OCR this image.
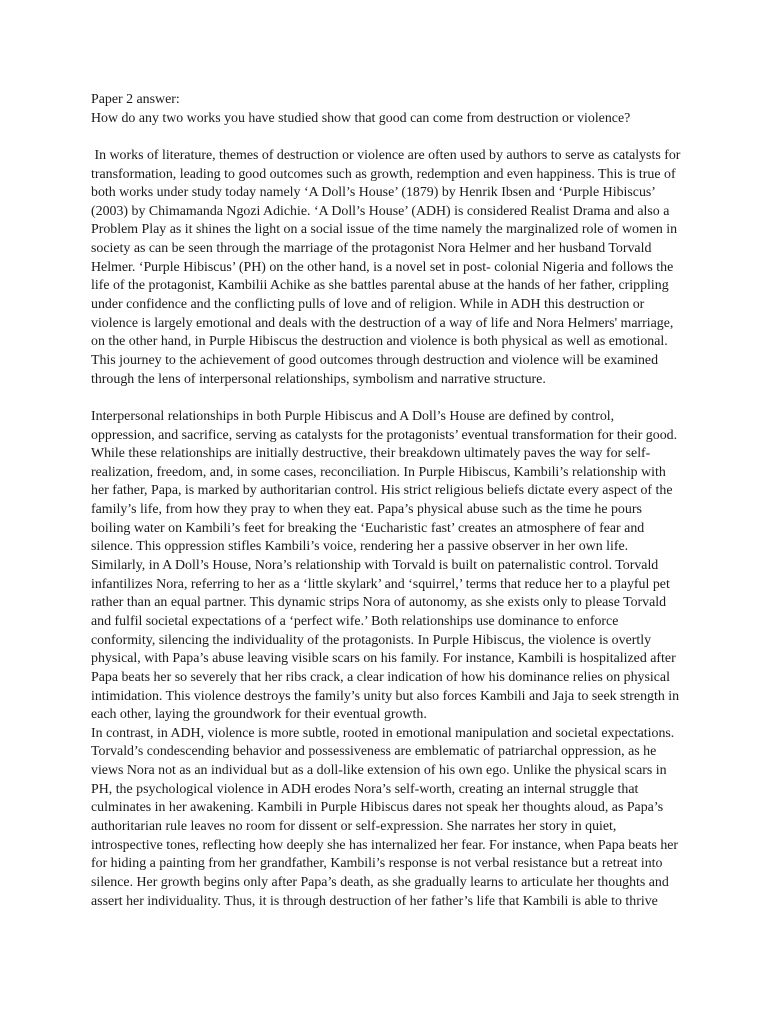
Paper 2 answer:
How do any two works you have studied show that good can come from destruction or violence?
In works of literature, themes of destruction or violence are often used by authors to serve as catalysts for
transformation, leading to good outcomes such as growth, redemption and even happiness. This is true of
both works under study today namely ‘A Doll’s House’ (1879) by Henrik Ibsen and ‘Purple Hibiscus’
(2003) by Chimamanda Ngozi Adichie. ‘A Doll’s House’ (ADH) is considered Realist Drama and also a
Problem Play as it shines the light on a social issue of the time namely the marginalized role of women in
society as can be seen through the marriage of the protagonist Nora Helmer and her husband Torvald
Helmer. ‘Purple Hibiscus’ (PH) on the other hand, is a novel set in post- colonial Nigeria and follows the
life of the protagonist, Kambilii Achike as she battles parental abuse at the hands of her father, crippling
under confidence and the conflicting pulls of love and of religion. While in ADH this destruction or
violence is largely emotional and deals with the destruction of a way of life and Nora Helmers' marriage,
on the other hand, in Purple Hibiscus the destruction and violence is both physical as well as emotional.
This journey to the achievement of good outcomes through destruction and violence will be examined
through the lens of interpersonal relationships, symbolism and narrative structure.
Interpersonal relationships in both Purple Hibiscus and A Doll’s House are defined by control,
oppression, and sacrifice, serving as catalysts for the protagonists’ eventual transformation for their good.
While these relationships are initially destructive, their breakdown ultimately paves the way for self-
realization, freedom, and, in some cases, reconciliation. In Purple Hibiscus, Kambili’s relationship with
her father, Papa, is marked by authoritarian control. His strict religious beliefs dictate every aspect of the
family’s life, from how they pray to when they eat. Papa’s physical abuse such as the time he pours
boiling water on Kambili’s feet for breaking the ‘Eucharistic fast’ creates an atmosphere of fear and
silence. This oppression stifles Kambili’s voice, rendering her a passive observer in her own life.
Similarly, in A Doll’s House, Nora’s relationship with Torvald is built on paternalistic control. Torvald
infantilizes Nora, referring to her as a ‘little skylark’ and ‘squirrel,’ terms that reduce her to a playful pet
rather than an equal partner. This dynamic strips Nora of autonomy, as she exists only to please Torvald
and fulfil societal expectations of a ‘perfect wife.’ Both relationships use dominance to enforce
conformity, silencing the individuality of the protagonists. In Purple Hibiscus, the violence is overtly
physical, with Papa’s abuse leaving visible scars on his family. For instance, Kambili is hospitalized after
Papa beats her so severely that her ribs crack, a clear indication of how his dominance relies on physical
intimidation. This violence destroys the family’s unity but also forces Kambili and Jaja to seek strength in
each other, laying the groundwork for their eventual growth.
In contrast, in ADH, violence is more subtle, rooted in emotional manipulation and societal expectations.
Torvald’s condescending behavior and possessiveness are emblematic of patriarchal oppression, as he
views Nora not as an individual but as a doll-like extension of his own ego. Unlike the physical scars in
PH, the psychological violence in ADH erodes Nora’s self-worth, creating an internal struggle that
culminates in her awakening. Kambili in Purple Hibiscus dares not speak her thoughts aloud, as Papa’s
authoritarian rule leaves no room for dissent or self-expression. She narrates her story in quiet,
introspective tones, reflecting how deeply she has internalized her fear. For instance, when Papa beats her
for hiding a painting from her grandfather, Kambili’s response is not verbal resistance but a retreat into
silence. Her growth begins only after Papa’s death, as she gradually learns to articulate her thoughts and
assert her individuality. Thus, it is through destruction of her father’s life that Kambili is able to thrive
